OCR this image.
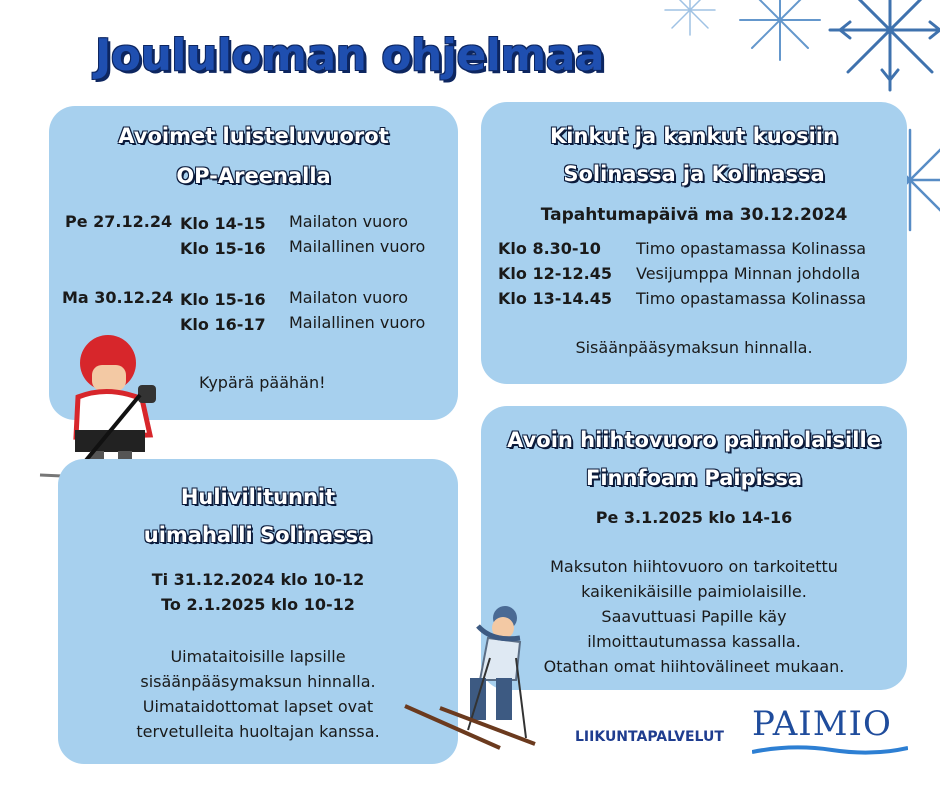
Joululoman ohjelmaa
Avoimet luisteluvuorot
OP-Areenalla
Pe 27.12.24 Klo 14-15 Mailaton vuoro
Klo 15-16 Mailallinen vuoro
Ma 30.12.24 Klo 15-16 Mailaton vuoro
Klo 16-17 Mailallinen vuoro
Kypärä päähän!
Kinkut ja kankut kuosiin
Solinassa ja Kolinassa
Tapahtumapäivä ma 30.12.2024
Klo 8.30-10 Timo opastamassa Kolinassa
Klo 12-12.45 Vesijumppa Minnan johdolla
Klo 13-14.45 Timo opastamassa Kolinassa
Sisäänpääsymaksun hinnalla.
Hulivilitunnit
uimahalli Solinassa
Ti 31.12.2024 klo 10-12
To 2.1.2025 klo 10-12
Uimataitoisille lapsille
sisäänpääsymaksun hinnalla.
Uimataidottomat lapset ovat
tervetulleita huoltajan kanssa.
Avoin hiihtovuoro paimiolaisille
Finnfoam Paipissa
Pe 3.1.2025 klo 14-16
Maksuton hiihtovuoro on tarkoitettu
kaikenikäisille paimiolaisille.
Saavuttuasi Papille käy
ilmoittautumassa kassalla.
Otathan omat hiihtovälineet mukaan.
LIIKUNTAPALVELUT PAIMIO
